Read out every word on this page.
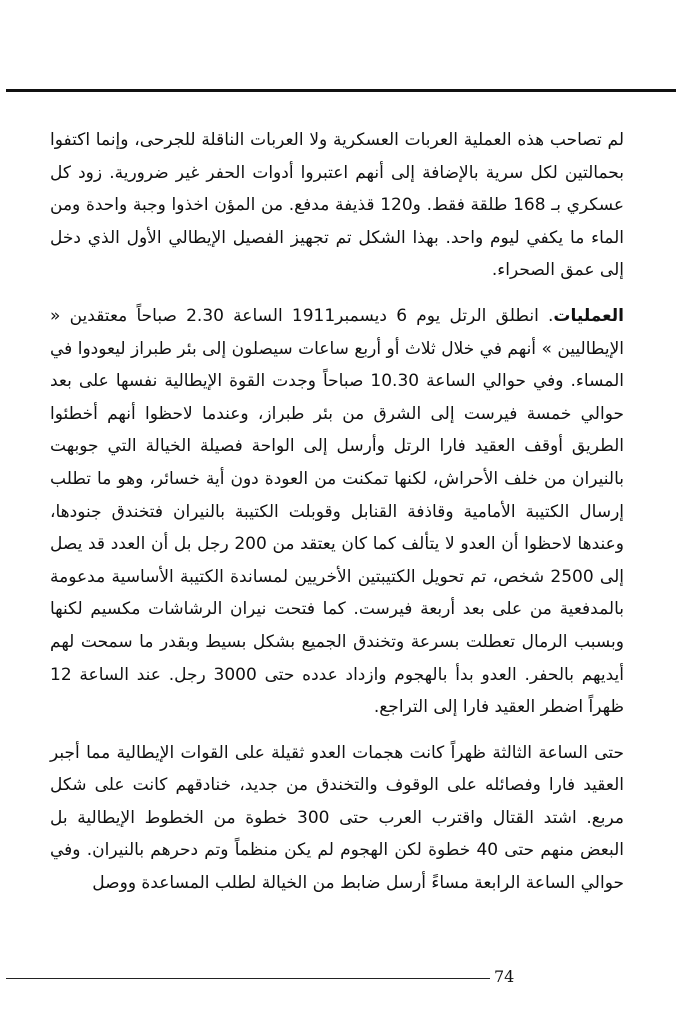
لم تصاحب هذه العملية العربات العسكرية ولا العربات الناقلة للجرحى، وإنما اكتفوا بحمالتين لكل سرية بالإضافة إلى أنهم اعتبروا أدوات الحفر غير ضرورية. زود كل عسكري بـ 168 طلقة فقط. و120 قذيفة مدفع. من المؤن اخذوا وجبة واحدة ومن الماء ما يكفي ليوم واحد. بهذا الشكل تم تجهيز الفصيل الإيطالي الأول الذي دخل إلى عمق الصحراء.

العمليات. انطلق الرتل يوم 6 ديسمبر1911 الساعة 2.30 صباحاً معتقدين « الإيطاليين » أنهم في خلال ثلاث أو أربع ساعات سيصلون إلى بئر طبراز ليعودوا في المساء. وفي حوالي الساعة 10.30 صباحاً وجدت القوة الإيطالية نفسها على بعد حوالي خمسة فيرست إلى الشرق من بئر طبراز، وعندما لاحظوا أنهم أخطئوا الطريق أوقف العقيد فارا الرتل وأرسل إلى الواحة فصيلة الخيالة التي جوبهت بالنيران من خلف الأحراش، لكنها تمكنت من العودة دون أية خسائر، وهو ما تطلب إرسال الكتيبة الأمامية وقاذفة القنابل وقوبلت الكتيبة بالنيران فتخندق جنودها، وعندها لاحظوا أن العدو لا يتألف كما كان يعتقد من 200 رجل بل أن العدد قد يصل إلى 2500 شخص، تم تحويل الكتيبتين الأخريين لمساندة الكتيبة الأساسية مدعومة بالمدفعية من على بعد أربعة فيرست. كما فتحت نيران الرشاشات مكسيم لكنها وبسبب الرمال تعطلت بسرعة وتخندق الجميع بشكل بسيط وبقدر ما سمحت لهم أيديهم بالحفر. العدو بدأ بالهجوم وازداد عدده حتى 3000 رجل. عند الساعة 12 ظهراً اضطر العقيد فارا إلى التراجع.

حتى الساعة الثالثة ظهراً كانت هجمات العدو ثقيلة على القوات الإيطالية مما أجبر العقيد فارا وفصائله على الوقوف والتخندق من جديد، خنادقهم كانت على شكل مربع. اشتد القتال واقترب العرب حتى 300 خطوة من الخطوط الإيطالية بل البعض منهم حتى 40 خطوة لكن الهجوم لم يكن منظماً وتم دحرهم بالنيران. وفي حوالي الساعة الرابعة مساءً أرسل ضابط من الخيالة لطلب المساعدة ووصل

74
